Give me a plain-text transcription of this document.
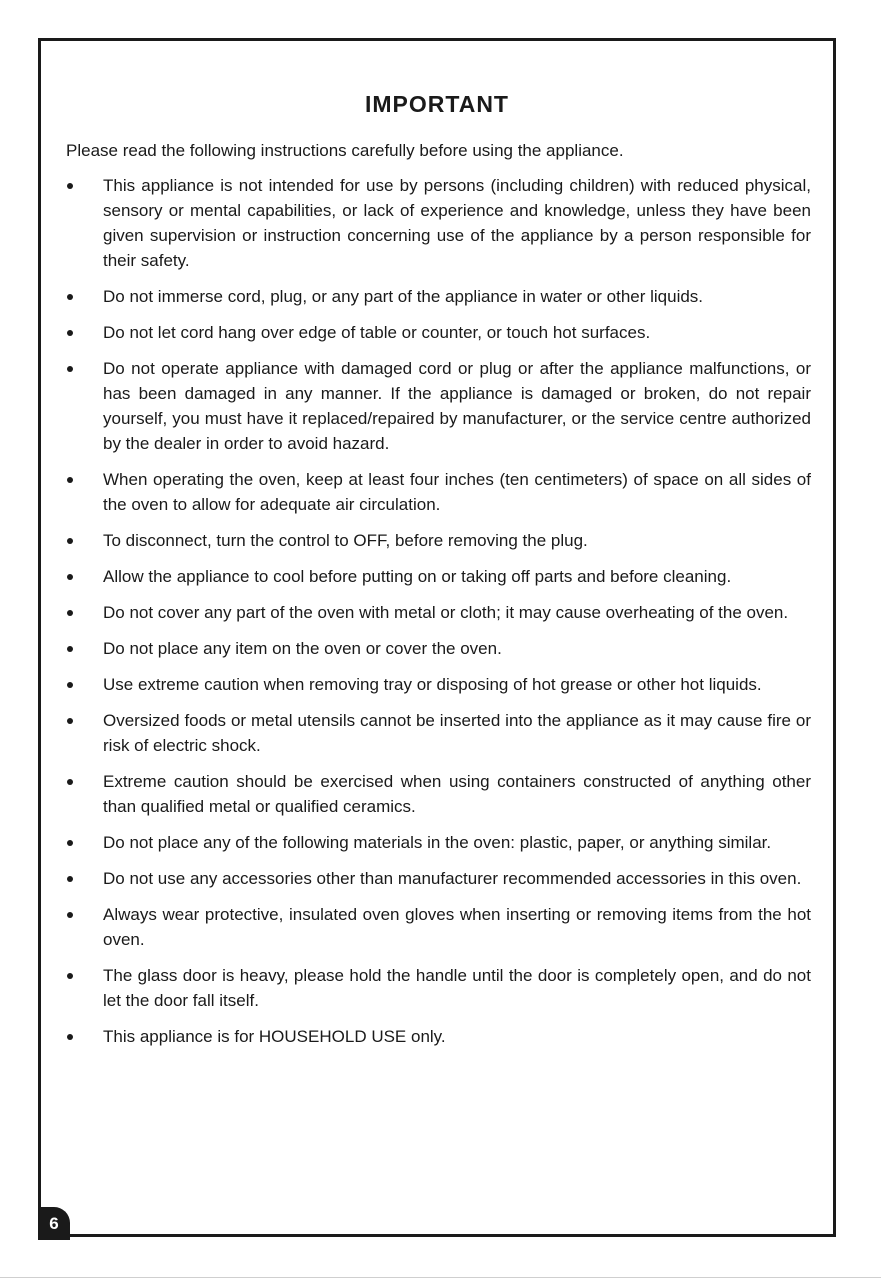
IMPORTANT

Please read the following instructions carefully before using the appliance.

This appliance is not intended for use by persons (including children) with reduced physical, sensory or mental capabilities, or lack of experience and knowledge, unless they have been given supervision or instruction concerning use of the appliance by a person responsible for their safety.
Do not immerse cord, plug, or any part of the appliance in water or other liquids.
Do not let cord hang over edge of table or counter, or touch hot surfaces.
Do not operate appliance with damaged cord or plug or after the appliance malfunctions, or has been damaged in any manner. If the appliance is damaged or broken, do not repair yourself, you must have it replaced/repaired by manufacturer, or the service centre authorized by the dealer in order to avoid hazard.
When operating the oven, keep at least four inches (ten centimeters) of space on all sides of the oven to allow for adequate air circulation.
To disconnect, turn the control to OFF, before removing the plug.
Allow the appliance to cool before putting on or taking off parts and before cleaning.
Do not cover any part of the oven with metal or cloth; it may cause overheating of the oven.
Do not place any item on the oven or cover the oven.
Use extreme caution when removing tray or disposing of hot grease or other hot liquids.
Oversized foods or metal utensils cannot be inserted into the appliance as it may cause fire or risk of electric shock.
Extreme caution should be exercised when using containers constructed of anything other than qualified metal or qualified ceramics.
Do not place any of the following materials in the oven: plastic, paper, or anything similar.
Do not use any accessories other than manufacturer recommended accessories in this oven.
Always wear protective, insulated oven gloves when inserting or removing items from the hot oven.
The glass door is heavy, please hold the handle until the door is completely open, and do not let the door fall itself.
This appliance is for HOUSEHOLD USE only.
6
